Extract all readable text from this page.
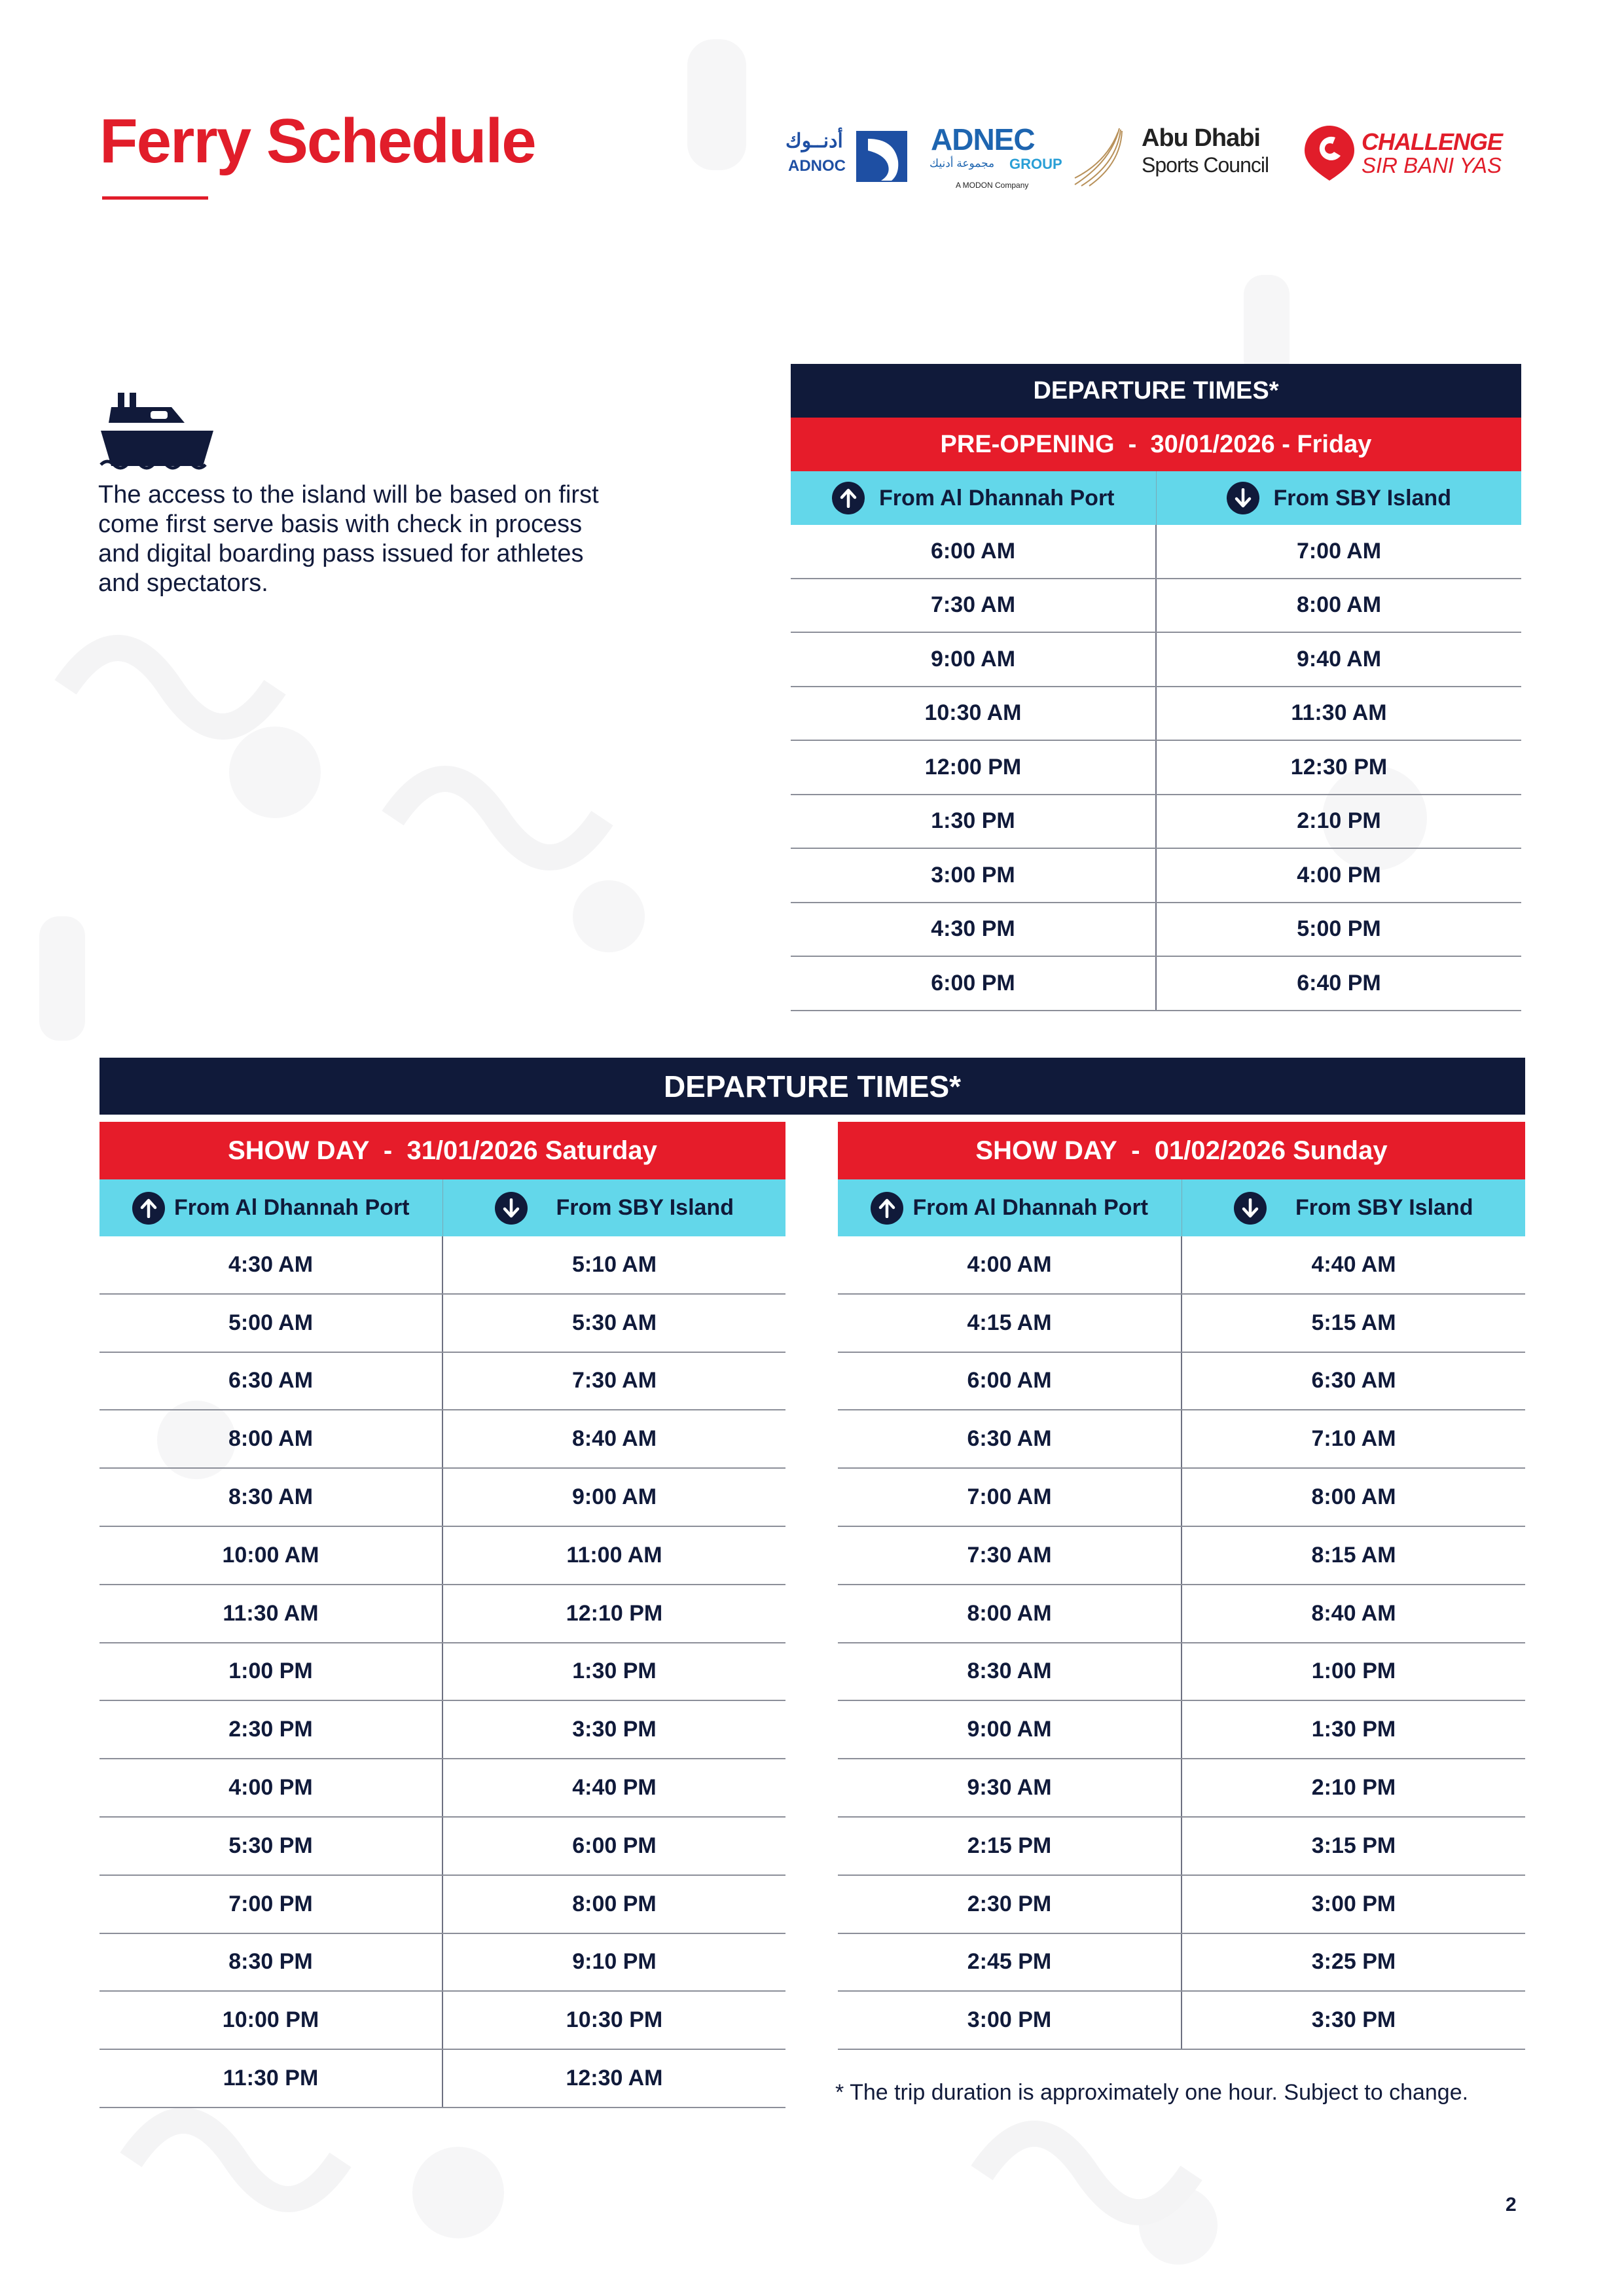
Ferry Schedule	أدنــوك
ADNOC
ADNEC
مجموعة أدنيك GROUP
A MODON Company
Abu Dhabi
Sports Council
CHALLENGE
SIR BANI YAS
The access to the island will be based on first come first serve basis with check in process and digital boarding pass issued for athletes and spectators.
DEPARTURE TIMES*
PRE-OPENING  -  30/01/2026 - Friday
From Al Dhannah Port	From SBY Island
6:00 AM	7:00 AM
7:30 AM	8:00 AM
9:00 AM	9:40 AM
10:30 AM	11:30 AM
12:00 PM	12:30 PM
1:30 PM	2:10 PM
3:00 PM	4:00 PM
4:30 PM	5:00 PM
6:00 PM	6:40 PM
DEPARTURE TIMES*
SHOW DAY  -  31/01/2026 Saturday
From Al Dhannah Port	From SBY Island
4:30 AM	5:10 AM
5:00 AM	5:30 AM
6:30 AM	7:30 AM
8:00 AM	8:40 AM
8:30 AM	9:00 AM
10:00 AM	11:00 AM
11:30 AM	12:10 PM
1:00 PM	1:30 PM
2:30 PM	3:30 PM
4:00 PM	4:40 PM
5:30 PM	6:00 PM
7:00 PM	8:00 PM
8:30 PM	9:10 PM
10:00 PM	10:30 PM
11:30 PM	12:30 AM
SHOW DAY  -  01/02/2026 Sunday
From Al Dhannah Port	From SBY Island
4:00 AM	4:40 AM
4:15 AM	5:15 AM
6:00 AM	6:30 AM
6:30 AM	7:10 AM
7:00 AM	8:00 AM
7:30 AM	8:15 AM
8:00 AM	8:40 AM
8:30 AM	1:00 PM
9:00 AM	1:30 PM
9:30 AM	2:10 PM
2:15 PM	3:15 PM
2:30 PM	3:00 PM
2:45 PM	3:25 PM
3:00 PM	3:30 PM
* The trip duration is approximately one hour. Subject to change.
2
